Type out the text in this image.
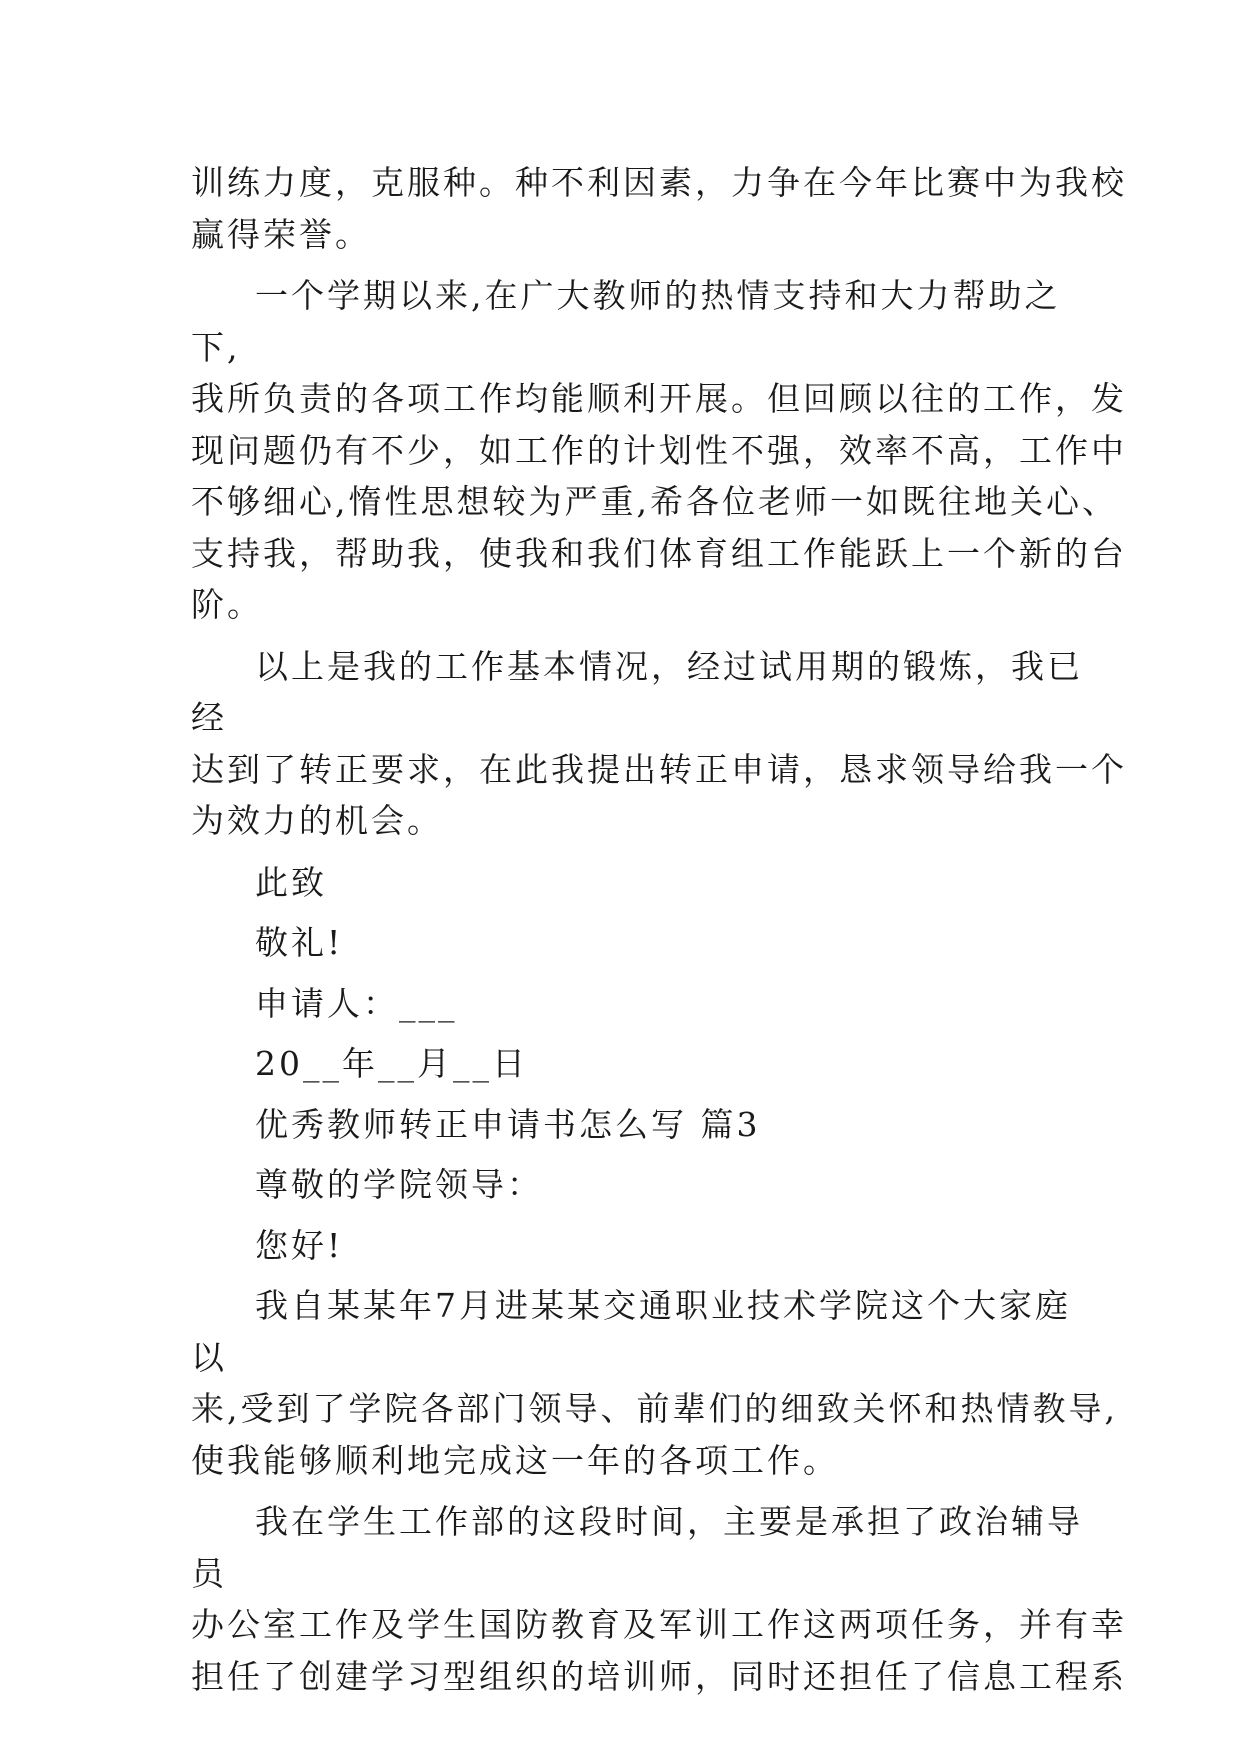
训练力度，克服种。种不利因素，力争在今年比赛中为我校
赢得荣誉。
一个学期以来,在广大教师的热情支持和大力帮助之下,

我所负责的各项工作均能顺利开展。但回顾以往的工作，发
现问题仍有不少，如工作的计划性不强，效率不高，工作中
不够细心,惰性思想较为严重,希各位老师一如既往地关心、
支持我，帮助我，使我和我们体育组工作能跃上一个新的台
阶。
以上是我的工作基本情况，经过试用期的锻炼，我已经

达到了转正要求，在此我提出转正申请，恳求领导给我一个
为效力的机会。
此致
敬礼!
申请人：___
20__年__月__日
优秀教师转正申请书怎么写 篇3
尊敬的学院领导：
您好!
我自某某年7月进某某交通职业技术学院这个大家庭以

来,受到了学院各部门领导、前辈们的细致关怀和热情教导,
使我能够顺利地完成这一年的各项工作。
我在学生工作部的这段时间，主要是承担了政治辅导员

办公室工作及学生国防教育及军训工作这两项任务，并有幸
担任了创建学习型组织的培训师，同时还担任了信息工程系
